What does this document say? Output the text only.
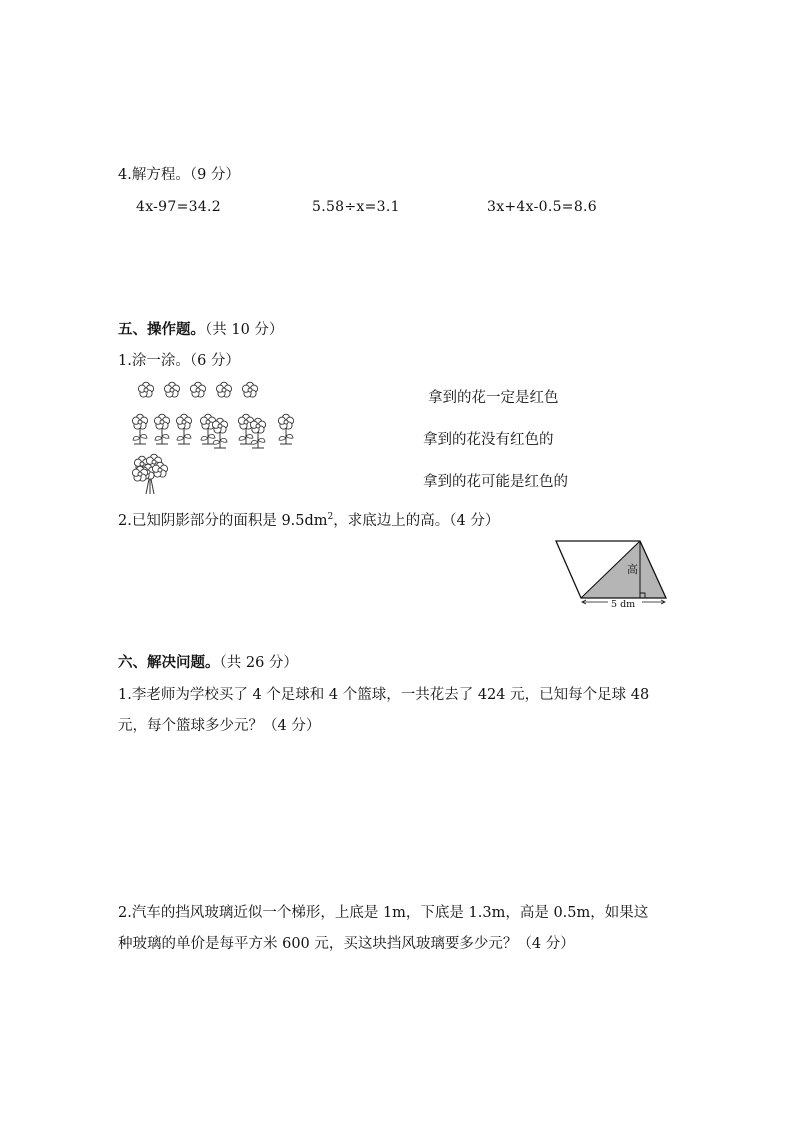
4.解方程。（9 分）
4x-97=34.2	5.58÷x=3.1	3x+4x-0.5=8.6
五、操作题。（共 10 分）
1.涂一涂。（6 分）
拿到的花一定是红色
拿到的花没有红色的
拿到的花可能是红色的
2.已知阴影部分的面积是 $9.5dm^2$，求底边上的高。（4 分）
高
5 dm
六、解决问题。（共 26 分）
1.李老师为学校买了 4 个足球和 4 个篮球，一共花去了 424 元，已知每个足球 48
元，每个篮球多少元？（4 分）
2.汽车的挡风玻璃近似一个梯形，上底是 1m，下底是 1.3m，高是 0.5m，如果这
种玻璃的单价是每平方米 600 元，买这块挡风玻璃要多少元？（4 分）
